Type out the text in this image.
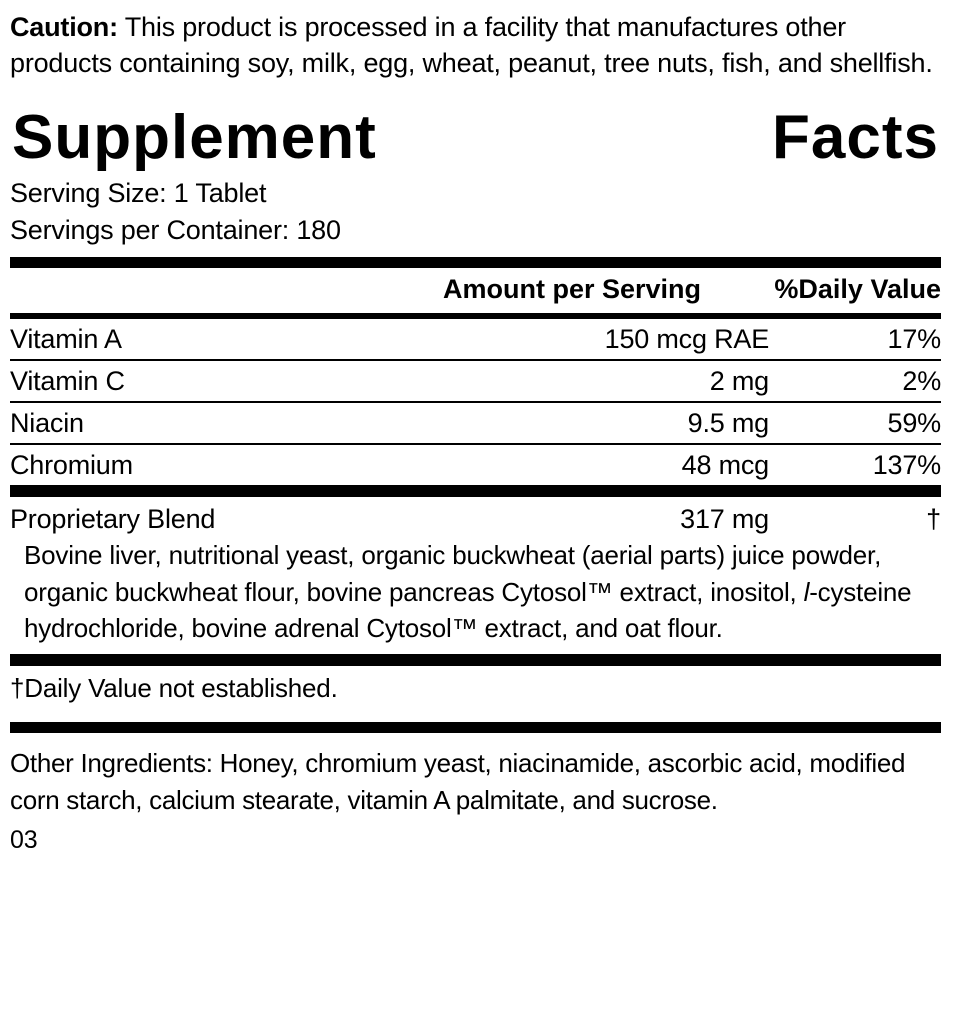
Caution: This product is processed in a facility that manufactures other products containing soy, milk, egg, wheat, peanut, tree nuts, fish, and shellfish.

Supplement	Facts
Serving Size: 1 Tablet
Servings per Container: 180
Amount per Serving	%Daily Value
Vitamin A	150 mcg RAE	17%
Vitamin C	2 mg	2%
Niacin	9.5 mg	59%
Chromium	48 mcg	137%
Proprietary Blend	317 mg	†
Bovine liver, nutritional yeast, organic buckwheat (aerial parts) juice powder, organic buckwheat flour, bovine pancreas Cytosol™ extract, inositol, l-cysteine hydrochloride, bovine adrenal Cytosol™ extract, and oat flour.
†Daily Value not established.
Other Ingredients: Honey, chromium yeast, niacinamide, ascorbic acid, modified corn starch, calcium stearate, vitamin A palmitate, and sucrose.
03
